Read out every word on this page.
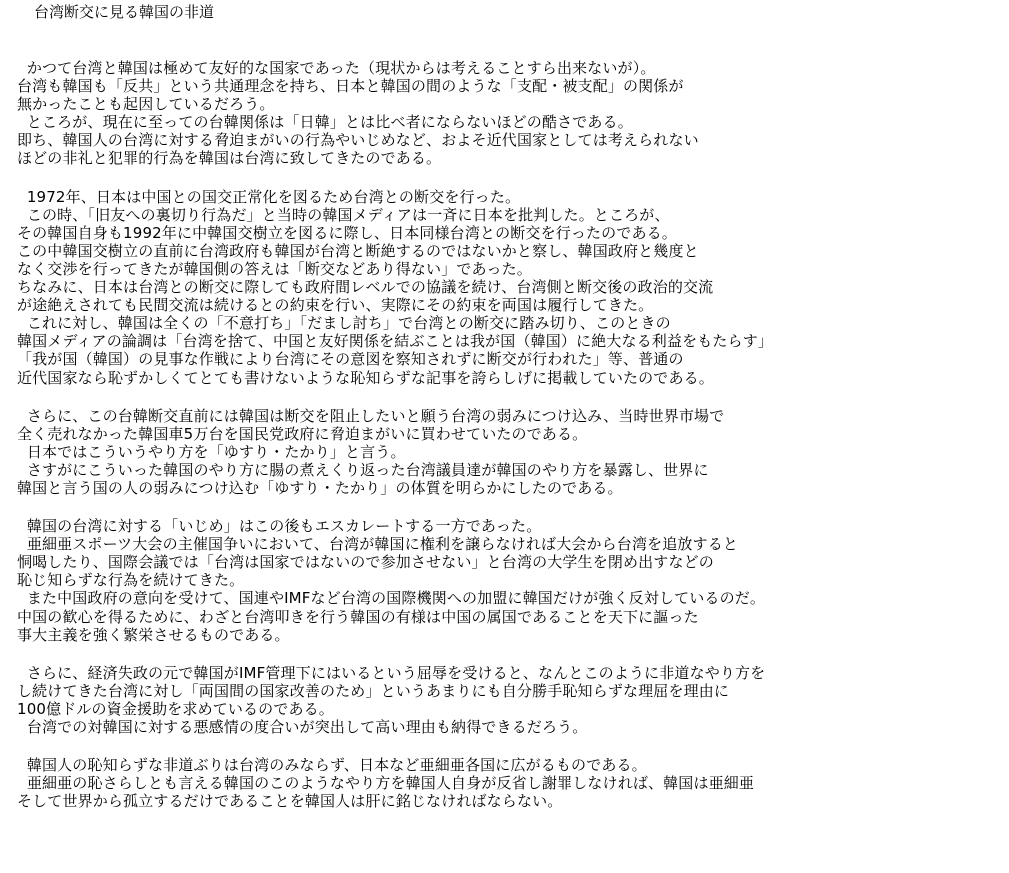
台湾断交に見る韓国の非道
かつて台湾と韓国は極めて友好的な国家であった（現状からは考えることすら出来ないが）。
台湾も韓国も「反共」という共通理念を持ち、日本と韓国の間のような「支配・被支配」の関係が
無かったことも起因しているだろう。
ところが、現在に至っての台韓関係は「日韓」とは比べ者にならないほどの酷さである。
即ち、韓国人の台湾に対する脅迫まがいの行為やいじめなど、およそ近代国家としては考えられない
ほどの非礼と犯罪的行為を韓国は台湾に致してきたのである。
1972年、日本は中国との国交正常化を図るため台湾との断交を行った。
この時、「旧友への裏切り行為だ」と当時の韓国メディアは一斉に日本を批判した。ところが、
その韓国自身も1992年に中韓国交樹立を図るに際し、日本同様台湾との断交を行ったのである。
この中韓国交樹立の直前に台湾政府も韓国が台湾と断絶するのではないかと察し、韓国政府と幾度と
なく交渉を行ってきたが韓国側の答えは「断交などあり得ない」であった。
ちなみに、日本は台湾との断交に際しても政府間レベルでの協議を続け、台湾側と断交後の政治的交流
が途絶えされても民間交流は続けるとの約束を行い、実際にその約束を両国は履行してきた。
これに対し、韓国は全くの「不意打ち」「だまし討ち」で台湾との断交に踏み切り、このときの
韓国メディアの論調は「台湾を捨て、中国と友好関係を結ぶことは我が国（韓国）に絶大なる利益をもたらす」
「我が国（韓国）の見事な作戦により台湾にその意図を察知されずに断交が行われた」等、普通の
近代国家なら恥ずかしくてとても書けないような恥知らずな記事を誇らしげに掲載していたのである。
さらに、この台韓断交直前には韓国は断交を阻止したいと願う台湾の弱みにつけ込み、当時世界市場で
全く売れなかった韓国車5万台を国民党政府に脅迫まがいに買わせていたのである。
日本ではこういうやり方を「ゆすり・たかり」と言う。
さすがにこういった韓国のやり方に腸の煮えくり返った台湾議員達が韓国のやり方を暴露し、世界に
韓国と言う国の人の弱みにつけ込む「ゆすり・たかり」の体質を明らかにしたのである。
韓国の台湾に対する「いじめ」はこの後もエスカレートする一方であった。
亜細亜スポーツ大会の主催国争いにおいて、台湾が韓国に権利を譲らなければ大会から台湾を追放すると
恫喝したり、国際会議では「台湾は国家ではないので参加させない」と台湾の大学生を閉め出すなどの
恥じ知らずな行為を続けてきた。
また中国政府の意向を受けて、国連やIMFなど台湾の国際機関への加盟に韓国だけが強く反対しているのだ。
中国の歓心を得るために、わざと台湾叩きを行う韓国の有様は中国の属国であることを天下に謳った
事大主義を強く繁栄させるものである。
さらに、経済失政の元で韓国がIMF管理下にはいるという屈辱を受けると、なんとこのように非道なやり方を
し続けてきた台湾に対し「両国間の国家改善のため」というあまりにも自分勝手恥知らずな理屈を理由に
100億ドルの資金援助を求めているのである。
台湾での対韓国に対する悪感情の度合いが突出して高い理由も納得できるだろう。
韓国人の恥知らずな非道ぶりは台湾のみならず、日本など亜細亜各国に広がるものである。
亜細亜の恥さらしとも言える韓国のこのようなやり方を韓国人自身が反省し謝罪しなければ、韓国は亜細亜
そして世界から孤立するだけであることを韓国人は肝に銘じなければならない。
